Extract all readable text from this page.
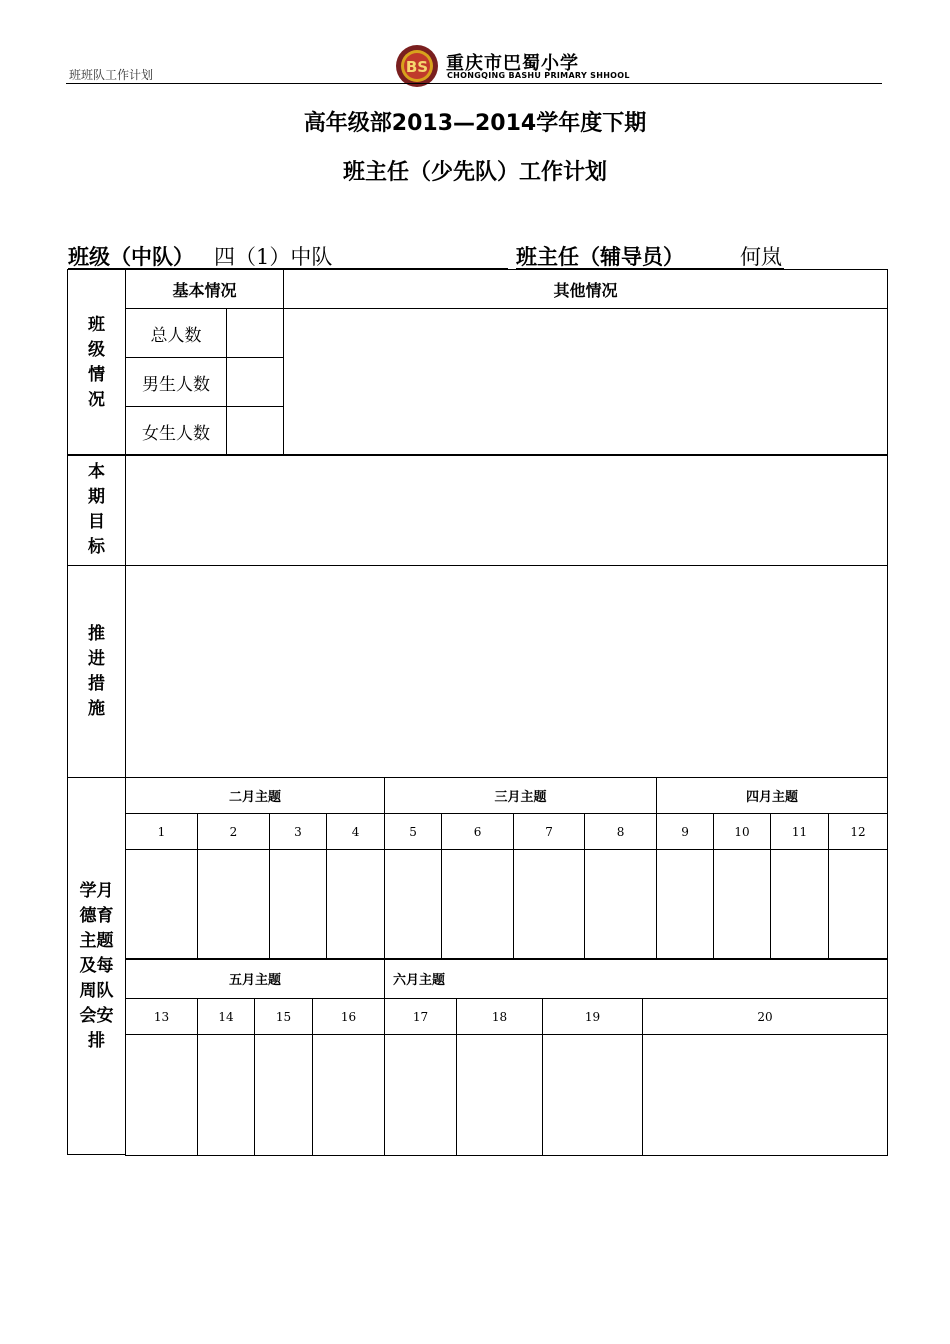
班班队工作计划	BS 重庆市巴蜀小学
CHONGQING BASHU PRIMARY SHHOOL
高年级部2013—2014学年度下期
班主任（少先队）工作计划
班级（中队） 四（1）中队	班主任（辅导员）	何岚
班级情况	基本情况		其他情况
	总人数		
	男生人数		
	女生人数		
本期目标	
推进措施	
学月德育主题及每周队会安排
二月主题				三月主题				四月主题			
1	2	3	4	5	6	7	8	9	10	11	12

五月主题				六月主题			
13	14	15	16	17	18	19	20
